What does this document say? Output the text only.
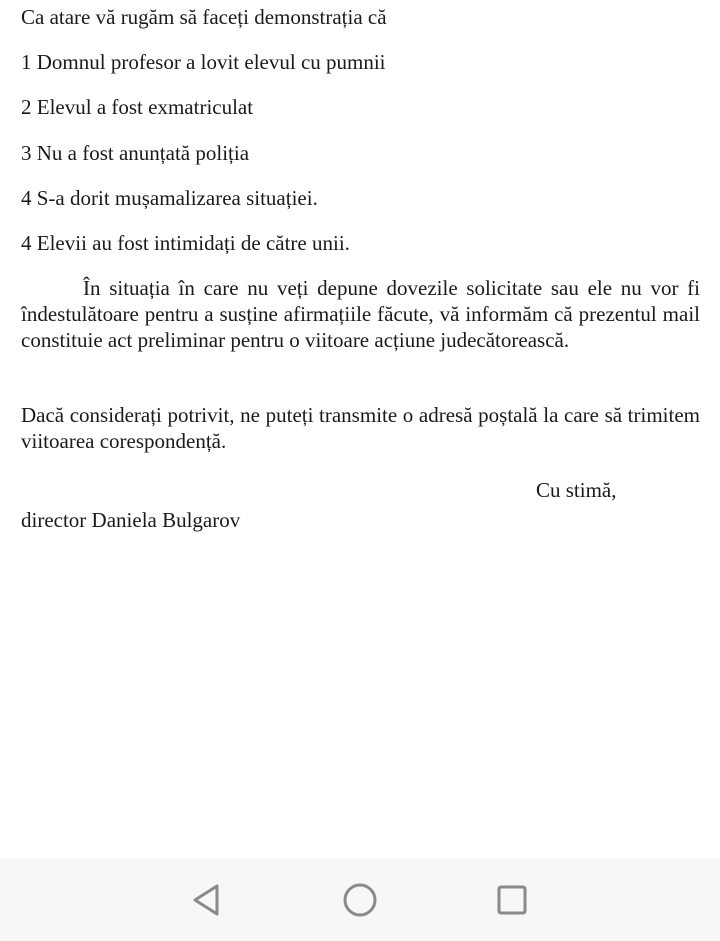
Ca atare vă rugăm să faceți demonstrația că
1 Domnul profesor a lovit elevul cu pumnii
2 Elevul a fost exmatriculat
3 Nu a fost anunțată poliția
4 S-a dorit mușamalizarea situației.
4 Elevii au fost intimidați de către unii.
În situația în care nu veți depune dovezile solicitate sau ele nu vor fi îndestulătoare pentru a susține afirmațiile făcute, vă informăm că prezentul mail constituie act preliminar pentru o viitoare acțiune judecătorească.
Dacă considerați potrivit, ne puteți transmite o adresă poștală la care să trimitem viitoarea corespondență.
Cu stimă,
director Daniela Bulgarov
